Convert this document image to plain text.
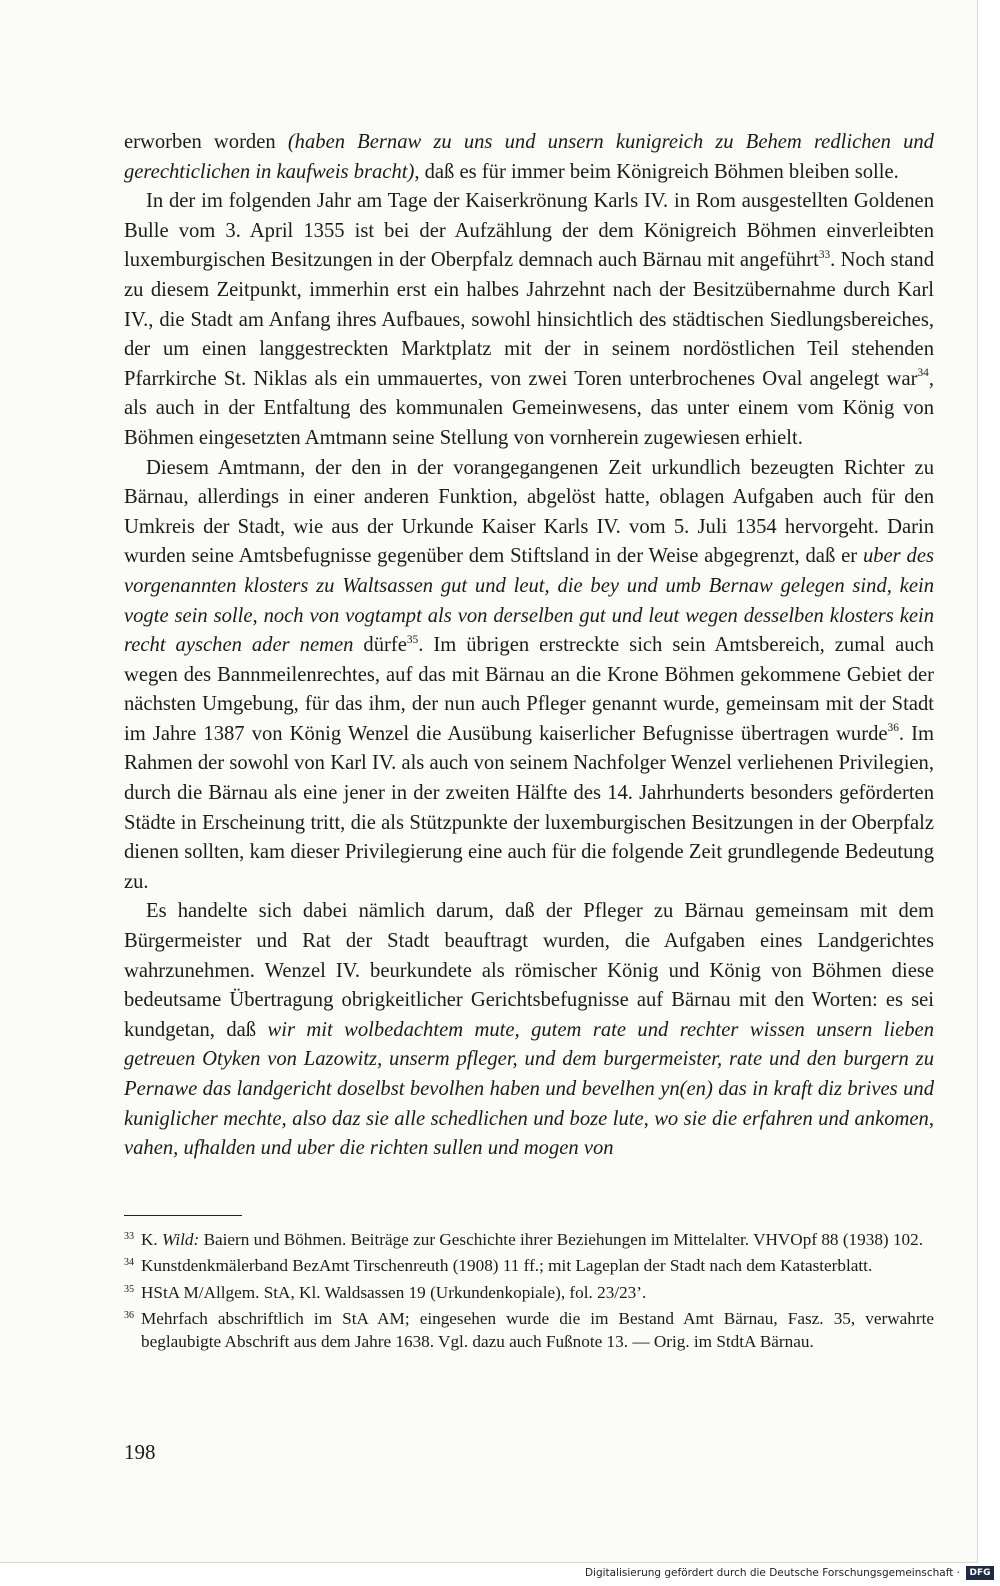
erworben worden (haben Bernaw zu uns und unsern kunigreich zu Behem redlichen und gerechticlichen in kaufweis bracht), daß es für immer beim Königreich Böhmen bleiben solle.

In der im folgenden Jahr am Tage der Kaiserkrönung Karls IV. in Rom ausgestellten Goldenen Bulle vom 3. April 1355 ist bei der Aufzählung der dem Königreich Böhmen einverleibten luxemburgischen Besitzungen in der Oberpfalz demnach auch Bärnau mit angeführt$^{33}$. Noch stand zu diesem Zeitpunkt, immerhin erst ein halbes Jahrzehnt nach der Besitzübernahme durch Karl IV., die Stadt am Anfang ihres Aufbaues, sowohl hinsichtlich des städtischen Siedlungsbereiches, der um einen langgestreckten Marktplatz mit der in seinem nordöstlichen Teil stehenden Pfarrkirche St. Niklas als ein ummauertes, von zwei Toren unterbrochenes Oval angelegt war$^{34}$, als auch in der Entfaltung des kommunalen Gemeinwesens, das unter einem vom König von Böhmen eingesetzten Amtmann seine Stellung von vornherein zugewiesen erhielt.

Diesem Amtmann, der den in der vorangegangenen Zeit urkundlich bezeugten Richter zu Bärnau, allerdings in einer anderen Funktion, abgelöst hatte, oblagen Aufgaben auch für den Umkreis der Stadt, wie aus der Urkunde Kaiser Karls IV. vom 5. Juli 1354 hervorgeht. Darin wurden seine Amtsbefugnisse gegenüber dem Stiftsland in der Weise abgegrenzt, daß er uber des vorgenannten klosters zu Waltsassen gut und leut, die bey und umb Bernaw gelegen sind, kein vogte sein solle, noch von vogtampt als von derselben gut und leut wegen desselben klosters kein recht ayschen ader nemen dürfe$^{35}$. Im übrigen erstreckte sich sein Amtsbereich, zumal auch wegen des Bannmeilenrechtes, auf das mit Bärnau an die Krone Böhmen gekommene Gebiet der nächsten Umgebung, für das ihm, der nun auch Pfleger genannt wurde, gemeinsam mit der Stadt im Jahre 1387 von König Wenzel die Ausübung kaiserlicher Befugnisse übertragen wurde$^{36}$. Im Rahmen der sowohl von Karl IV. als auch von seinem Nachfolger Wenzel verliehenen Privilegien, durch die Bärnau als eine jener in der zweiten Hälfte des 14. Jahrhunderts besonders geförderten Städte in Erscheinung tritt, die als Stützpunkte der luxemburgischen Besitzungen in der Oberpfalz dienen sollten, kam dieser Privilegierung eine auch für die folgende Zeit grundlegende Bedeutung zu.

Es handelte sich dabei nämlich darum, daß der Pfleger zu Bärnau gemeinsam mit dem Bürgermeister und Rat der Stadt beauftragt wurden, die Aufgaben eines Landgerichtes wahrzunehmen. Wenzel IV. beurkundete als römischer König und König von Böhmen diese bedeutsame Übertragung obrigkeitlicher Gerichtsbefugnisse auf Bärnau mit den Worten: es sei kundgetan, daß wir mit wolbedachtem mute, gutem rate und rechter wissen unsern lieben getreuen Otyken von Lazowitz, unserm pfleger, und dem burgermeister, rate und den burgern zu Pernawe das landgericht doselbst bevolhen haben und bevelhen yn(en) das in kraft diz brives und kuniglicher mechte, also daz sie alle schedlichen und boze lute, wo sie die erfahren und ankomen, vahen, ufhalden und uber die richten sullen und mogen von

33 K. Wild: Baiern und Böhmen. Beiträge zur Geschichte ihrer Beziehungen im Mittelalter. VHVOpf 88 (1938) 102.
34 Kunstdenkmälerband BezAmt Tirschenreuth (1908) 11 ff.; mit Lageplan der Stadt nach dem Katasterblatt.
35 HStA M/Allgem. StA, Kl. Waldsassen 19 (Urkundenkopiale), fol. 23/23’.
36 Mehrfach abschriftlich im StA AM; eingesehen wurde die im Bestand Amt Bärnau, Fasz. 35, verwahrte beglaubigte Abschrift aus dem Jahre 1638. Vgl. dazu auch Fußnote 13. — Orig. im StdtA Bärnau.
198
Digitalisierung gefördert durch die Deutsche Forschungsgemeinschaft ·	DFG
